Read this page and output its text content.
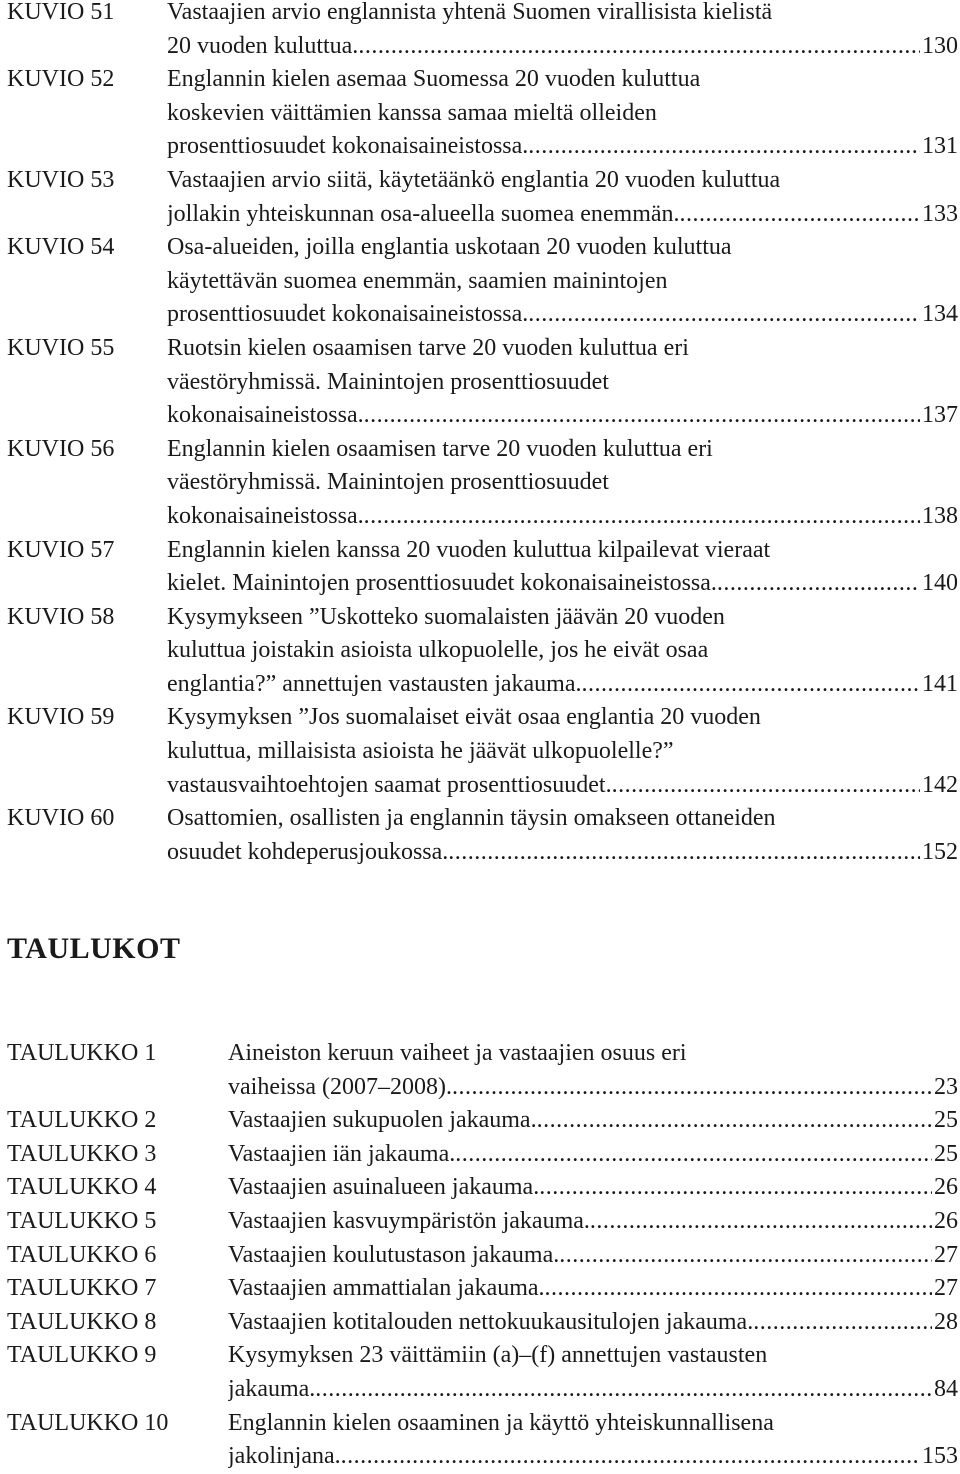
KUVIO 51	Vastaajien arvio englannista yhtenä Suomen virallisista kielistä
20 vuoden kuluttua. .....	130
KUVIO 52	Englannin kielen asemaa Suomessa 20 vuoden kuluttua
koskevien väittämien kanssa samaa mieltä olleiden
prosenttiosuudet kokonaisaineistossa. .....	131
KUVIO 53	Vastaajien arvio siitä, käytetäänkö englantia 20 vuoden kuluttua
jollakin yhteiskunnan osa-alueella suomea enemmän. .....	133
KUVIO 54	Osa-alueiden, joilla englantia uskotaan 20 vuoden kuluttua
käytettävän suomea enemmän, saamien mainintojen
prosenttiosuudet kokonaisaineistossa. .....	134
KUVIO 55	Ruotsin kielen osaamisen tarve 20 vuoden kuluttua eri
väestöryhmissä. Mainintojen prosenttiosuudet
kokonaisaineistossa. .....	137
KUVIO 56	Englannin kielen osaamisen tarve 20 vuoden kuluttua eri
väestöryhmissä. Mainintojen prosenttiosuudet
kokonaisaineistossa. .....	138
KUVIO 57	Englannin kielen kanssa 20 vuoden kuluttua kilpailevat vieraat
kielet. Mainintojen prosenttiosuudet kokonaisaineistossa. .....	140
KUVIO 58	Kysymykseen ”Uskotteko suomalaisten jäävän 20 vuoden
kuluttua joistakin asioista ulkopuolelle, jos he eivät osaa
englantia?” annettujen vastausten jakauma. .....	141
KUVIO 59	Kysymyksen ”Jos suomalaiset eivät osaa englantia 20 vuoden
kuluttua, millaisista asioista he jäävät ulkopuolelle?”
vastausvaihtoehtojen saamat prosenttiosuudet. .....	142
KUVIO 60	Osattomien, osallisten ja englannin täysin omakseen ottaneiden
osuudet kohdeperusjoukossa. .....	152
TAULUKOT
TAULUKKO 1	Aineiston keruun vaiheet ja vastaajien osuus eri
vaiheissa (2007–2008). .....	23
TAULUKKO 2	Vastaajien sukupuolen jakauma. .....	25
TAULUKKO 3	Vastaajien iän jakauma. .....	25
TAULUKKO 4	Vastaajien asuinalueen jakauma. .....	26
TAULUKKO 5	Vastaajien kasvuympäristön jakauma. .....	26
TAULUKKO 6	Vastaajien koulutustason jakauma. .....	27
TAULUKKO 7	Vastaajien ammattialan jakauma. .....	27
TAULUKKO 8	Vastaajien kotitalouden nettokuukausitulojen jakauma. .....	28
TAULUKKO 9	Kysymyksen 23 väittämiin (a)–(f) annettujen vastausten
jakauma. .....	84
TAULUKKO 10	Englannin kielen osaaminen ja käyttö yhteiskunnallisena
jakolinjana. .....	153
